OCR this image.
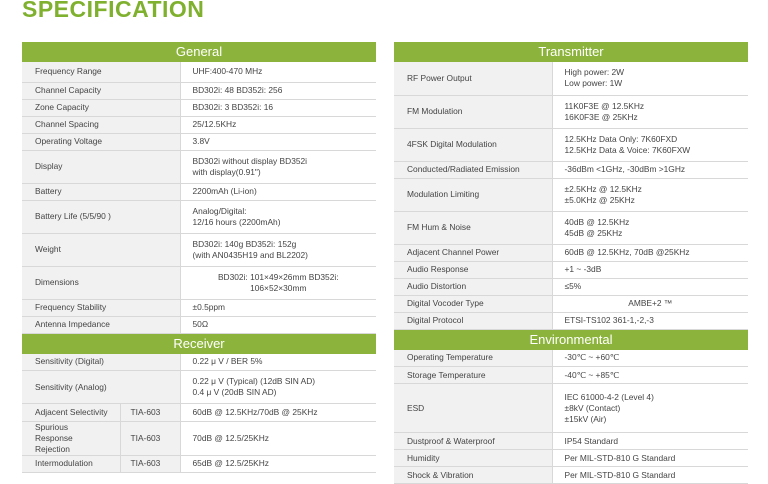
SPECIFICATION
General
Frequency Range	UHF:400-470 MHz
Channel Capacity	BD302i: 48 BD352i: 256
Zone Capacity	BD302i: 3 BD352i: 16
Channel Spacing	25/12.5KHz
Operating Voltage	3.8V
Display	BD302i without display BD352i
with display(0.91")
Battery	2200mAh (Li-ion)
Battery Life (5/5/90 )	Analog/Digital:
12/16 hours (2200mAh)
Weight	BD302i: 140g BD352i: 152g
(with AN0435H19 and BL2202)
Dimensions	BD302i: 101×49×26mm BD352i:
106×52×30mm
Frequency Stability	±0.5ppm
Antenna Impedance	50Ω
Receiver
Sensitivity (Digital)	0.22 μ V / BER 5%
Sensitivity (Analog)	0.22 μ V (Typical) (12dB SIN AD)
0.4 μ V (20dB SIN AD)
Adjacent Selectivity	TIA-603	60dB @ 12.5KHz/70dB @ 25KHz
Spurious
Response
Rejection	TIA-603	70dB @ 12.5/25KHz
Intermodulation	TIA-603	65dB @ 12.5/25KHz
Transmitter
RF Power Output	High power: 2W
Low power: 1W
FM Modulation	11K0F3E @ 12.5KHz
16K0F3E @ 25KHz
4FSK Digital Modulation	12.5KHz Data Only: 7K60FXD
12.5KHz Data & Voice: 7K60FXW
Conducted/Radiated Emission	-36dBm <1GHz, -30dBm >1GHz
Modulation Limiting	±2.5KHz @ 12.5KHz
±5.0KHz @ 25KHz
FM Hum & Noise	40dB @ 12.5KHz
45dB @ 25KHz
Adjacent Channel Power	60dB @ 12.5KHz, 70dB @25KHz
Audio Response	+1 ~ -3dB
Audio Distortion	≤5%
Digital Vocoder Type	AMBE+2 ™
Digital Protocol	ETSI-TS102 361-1,-2,-3
Environmental
Operating Temperature	-30℃ ~ +60℃
Storage Temperature	-40℃ ~ +85℃
ESD	IEC 61000-4-2 (Level 4)
±8kV (Contact)
±15kV (Air)
Dustproof & Waterproof	IP54 Standard
Humidity	Per MIL-STD-810 G Standard
Shock & Vibration	Per MIL-STD-810 G Standard
